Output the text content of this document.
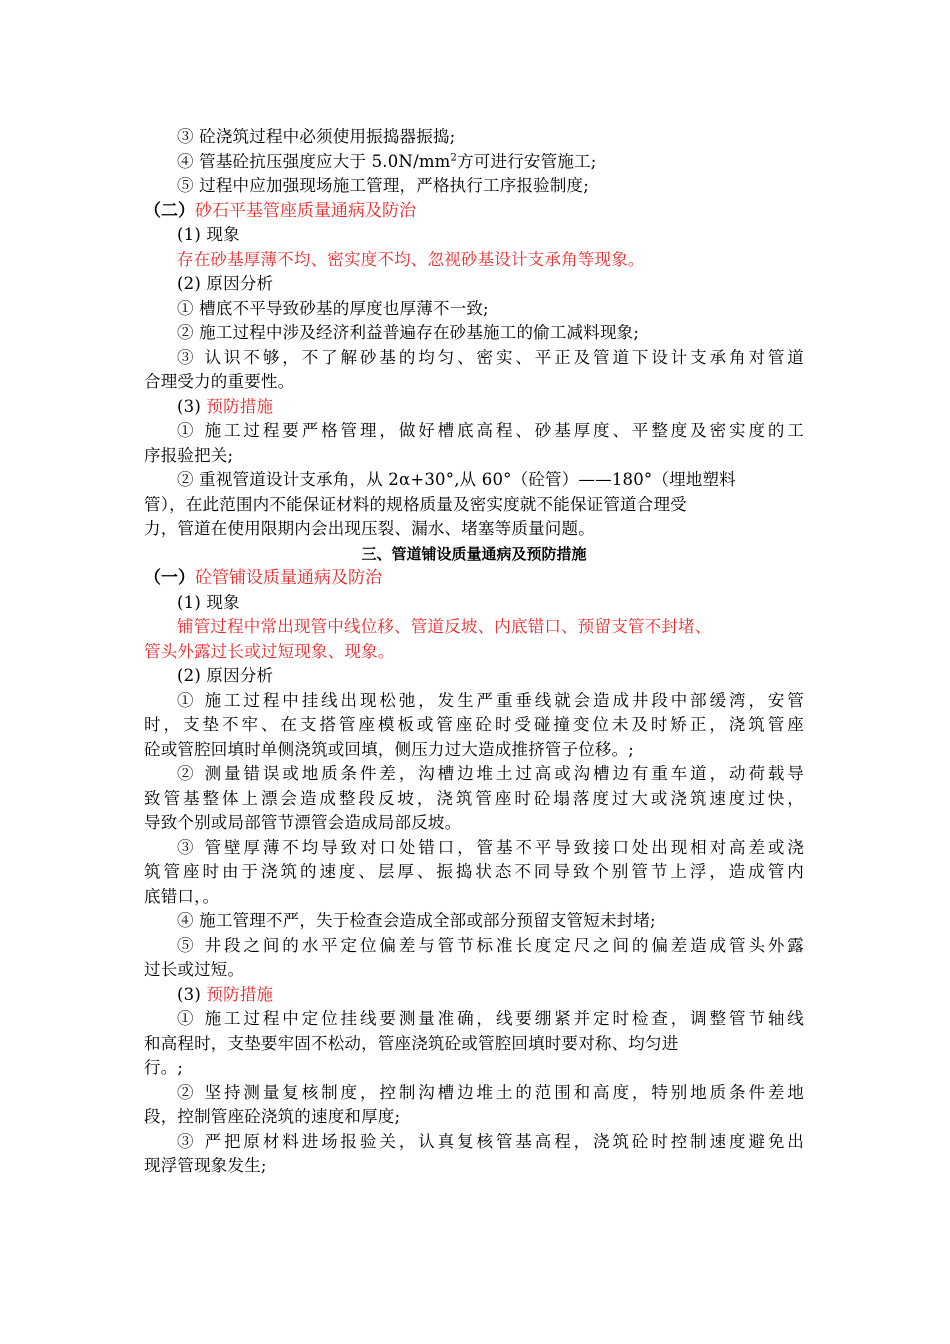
③ 砼浇筑过程中必须使用振捣器振捣;
④ 管基砼抗压强度应大于 $5.0N/mm^2$方可进行安管施工;
⑤ 过程中应加强现场施工管理，严格执行工序报验制度;
（二）砂石平基管座质量通病及防治
(1) 现象
存在砂基厚薄不均、密实度不均、忽视砂基设计支承角等现象。
(2) 原因分析
① 槽底不平导致砂基的厚度也厚薄不一致;
② 施工过程中涉及经济利益普遍存在砂基施工的偷工减料现象;
③ 认识不够，不了解砂基的均匀、密实、平正及管道下设计支承角对管道
合理受力的重要性。
(3) 预防措施
① 施工过程要严格管理，做好槽底高程、砂基厚度、平整度及密实度的工
序报验把关;
② 重视管道设计支承角，从 2α+30°,从 60°（砼管）——180°（埋地塑料
管），在此范围内不能保证材料的规格质量及密实度就不能保证管道合理受
力，管道在使用限期内会出现压裂、漏水、堵塞等质量问题。
三、管道铺设质量通病及预防措施
（一）砼管铺设质量通病及防治
(1) 现象
铺管过程中常出现管中线位移、管道反坡、内底错口、预留支管不封堵、
管头外露过长或过短现象、现象。
(2) 原因分析
① 施工过程中挂线出现松弛，发生严重垂线就会造成井段中部缓湾，安管
时，支垫不牢、在支搭管座模板或管座砼时受碰撞变位未及时矫正，浇筑管座
砼或管腔回填时单侧浇筑或回填，侧压力过大造成推挤管子位移。;
② 测量错误或地质条件差，沟槽边堆土过高或沟槽边有重车道，动荷载导
致管基整体上漂会造成整段反坡，浇筑管座时砼塌落度过大或浇筑速度过快，
导致个别或局部管节漂管会造成局部反坡。
③ 管壁厚薄不均导致对口处错口，管基不平导致接口处出现相对高差或浇
筑管座时由于浇筑的速度、层厚、振捣状态不同导致个别管节上浮，造成管内
底错口，。
④ 施工管理不严，失于检查会造成全部或部分预留支管短未封堵;
⑤ 井段之间的水平定位偏差与管节标准长度定尺之间的偏差造成管头外露
过长或过短。
(3) 预防措施
① 施工过程中定位挂线要测量准确，线要绷紧并定时检查，调整管节轴线
和高程时，支垫要牢固不松动，管座浇筑砼或管腔回填时要对称、均匀进
行。;
② 坚持测量复核制度，控制沟槽边堆土的范围和高度，特别地质条件差地
段，控制管座砼浇筑的速度和厚度;
③ 严把原材料进场报验关，认真复核管基高程，浇筑砼时控制速度避免出
现浮管现象发生;
